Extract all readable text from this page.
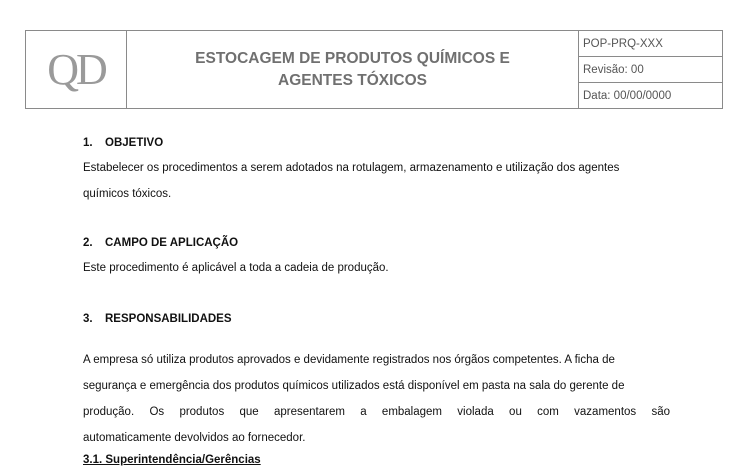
QD	ESTOCAGEM DE PRODUTOS QUÍMICOS E
AGENTES TÓXICOS
	POP-PRQ-XXX
Revisão: 00
Data: 00/00/0000
1. OBJETIVO
Estabelecer os procedimentos a serem adotados na rotulagem, armazenamento e utilização dos agentes
químicos tóxicos.
2. CAMPO DE APLICAÇÃO
Este procedimento é aplicável a toda a cadeia de produção.
3. RESPONSABILIDADES
A empresa só utiliza produtos aprovados e devidamente registrados nos órgãos competentes. A ficha de
segurança e emergência dos produtos químicos utilizados está disponível em pasta na sala do gerente de
produção. Os produtos que apresentarem a embalagem violada ou com vazamentos são
automaticamente devolvidos ao fornecedor.
3.1. Superintendência/Gerências
